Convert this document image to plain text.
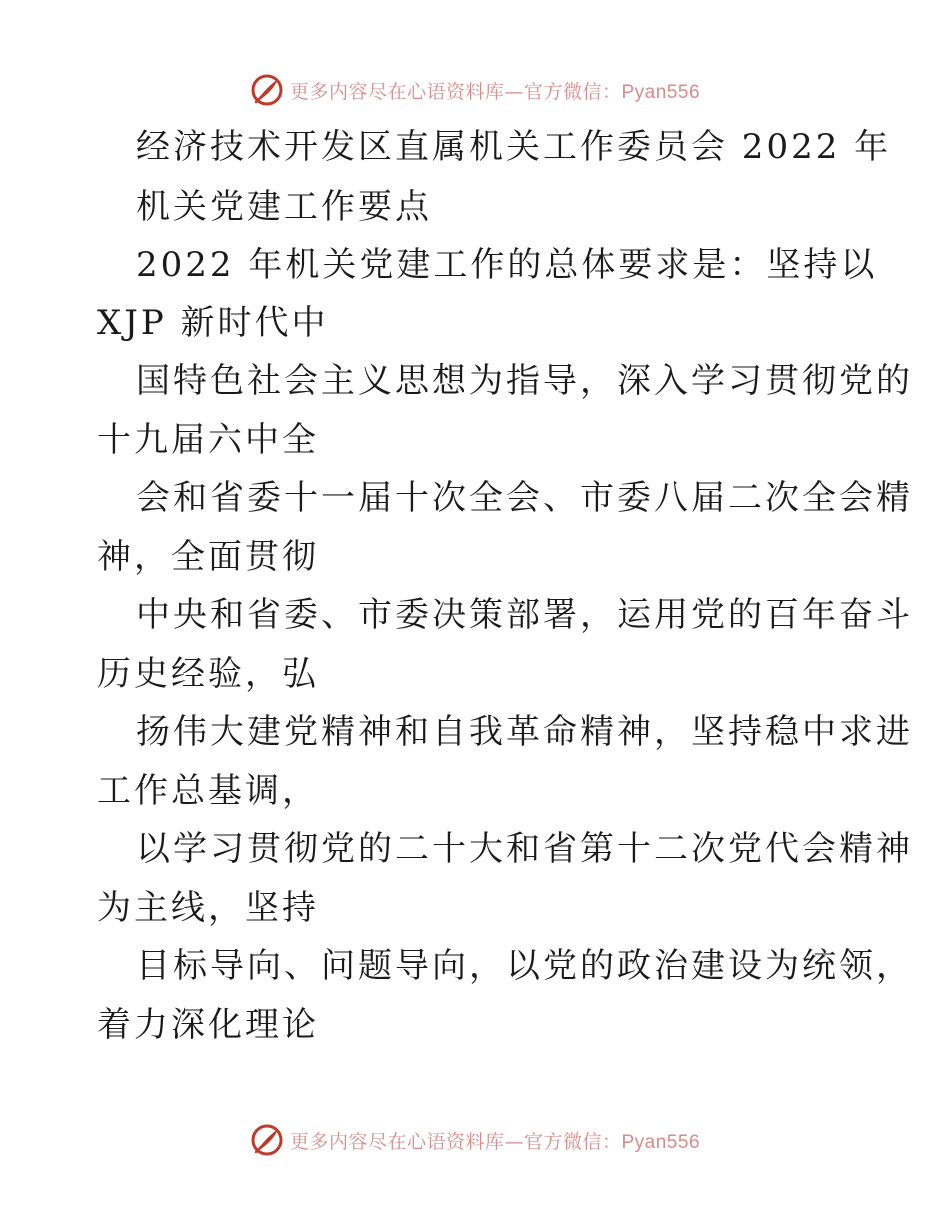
更多内容尽在心语资料库—官方微信：Pyan556
经济技术开发区直属机关工作委员会 2022 年
机关党建工作要点
2022 年机关党建工作的总体要求是：坚持以
XJP 新时代中
国特色社会主义思想为指导，深入学习贯彻党的
十九届六中全
会和省委十一届十次全会、市委八届二次全会精
神，全面贯彻
中央和省委、市委决策部署，运用党的百年奋斗
历史经验，弘
扬伟大建党精神和自我革命精神，坚持稳中求进
工作总基调，
以学习贯彻党的二十大和省第十二次党代会精神
为主线，坚持
目标导向、问题导向，以党的政治建设为统领，
着力深化理论
更多内容尽在心语资料库—官方微信：Pyan556
